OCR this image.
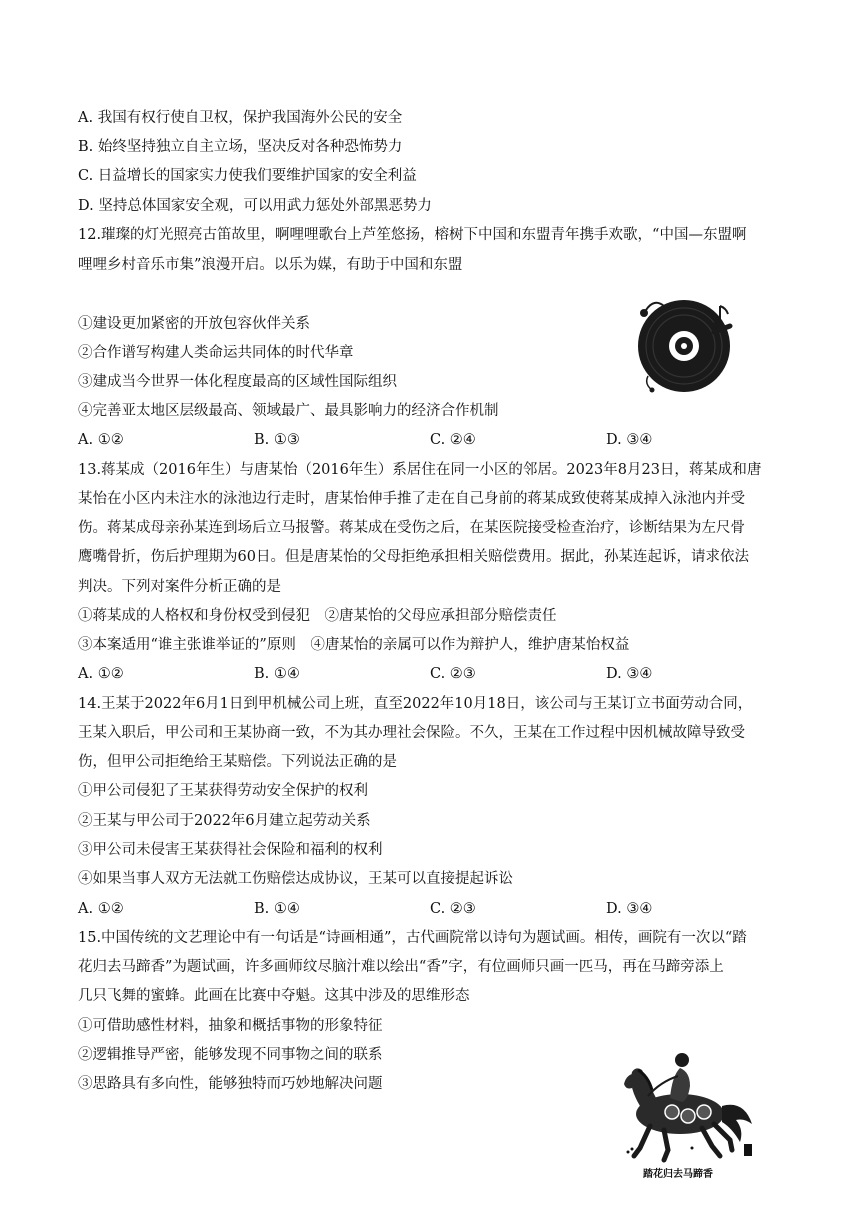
A. 我国有权行使自卫权，保护我国海外公民的安全
B. 始终坚持独立自主立场，坚决反对各种恐怖势力
C. 日益增长的国家实力使我们要维护国家的安全利益
D. 坚持总体国家安全观，可以用武力惩处外部黑恶势力
12.璀璨的灯光照亮古笛故里，啊哩哩歌台上芦笙悠扬，榕树下中国和东盟青年携手欢歌，“中国—东盟啊
哩哩乡村音乐市集”浪漫开启。以乐为媒，有助于中国和东盟
①建设更加紧密的开放包容伙伴关系
②合作谱写构建人类命运共同体的时代华章
③建成当今世界一体化程度最高的区域性国际组织
④完善亚太地区层级最高、领域最广、最具影响力的经济合作机制
A. ①②	B. ①③	C. ②④	D. ③④
13.蒋某成（2016年生）与唐某怡（2016年生）系居住在同一小区的邻居。2023年8月23日，蒋某成和唐
某怡在小区内未注水的泳池边行走时，唐某怡伸手推了走在自己身前的蒋某成致使蒋某成掉入泳池内并受
伤。蒋某成母亲孙某连到场后立马报警。蒋某成在受伤之后，在某医院接受检查治疗，诊断结果为左尺骨
鹰嘴骨折，伤后护理期为60日。但是唐某怡的父母拒绝承担相关赔偿费用。据此，孙某连起诉，请求依法
判决。下列对案件分析正确的是
①蒋某成的人格权和身份权受到侵犯　②唐某怡的父母应承担部分赔偿责任
③本案适用“谁主张谁举证的”原则　④唐某怡的亲属可以作为辩护人，维护唐某怡权益
A. ①②	B. ①④	C. ②③	D. ③④
14.王某于2022年6月1日到甲机械公司上班，直至2022年10月18日，该公司与王某订立书面劳动合同，
王某入职后，甲公司和王某协商一致，不为其办理社会保险。不久，王某在工作过程中因机械故障导致受
伤，但甲公司拒绝给王某赔偿。下列说法正确的是
①甲公司侵犯了王某获得劳动安全保护的权利
②王某与甲公司于2022年6月建立起劳动关系
③甲公司未侵害王某获得社会保险和福利的权利
④如果当事人双方无法就工伤赔偿达成协议，王某可以直接提起诉讼
A. ①②	B. ①④	C. ②③	D. ③④
15.中国传统的文艺理论中有一句话是“诗画相通”，古代画院常以诗句为题试画。相传，画院有一次以“踏
花归去马蹄香”为题试画，许多画师纹尽脑汁难以绘出“香”字，有位画师只画一匹马，再在马蹄旁添上
几只飞舞的蜜蜂。此画在比赛中夺魁。这其中涉及的思维形态
①可借助感性材料，抽象和概括事物的形象特征
②逻辑推导严密，能够发现不同事物之间的联系
③思路具有多向性，能够独特而巧妙地解决问题
踏花归去马蹄香
